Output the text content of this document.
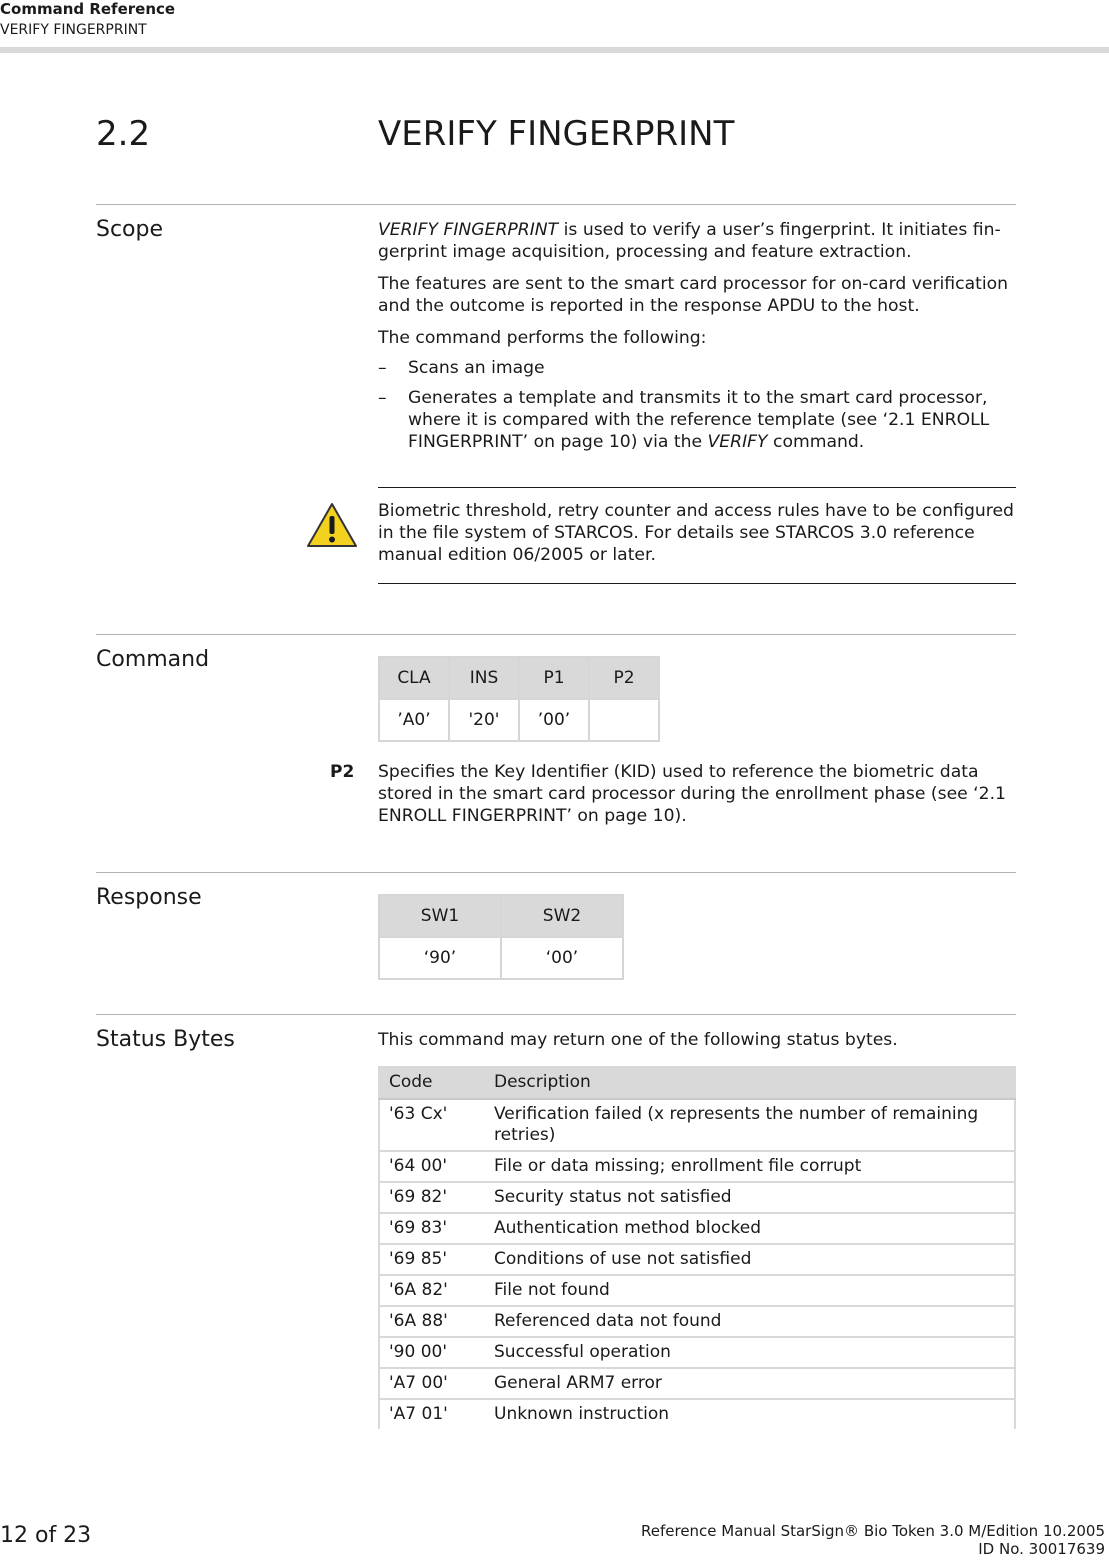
Command Reference
VERIFY FINGERPRINT
2.2	VERIFY FINGERPRINT
Scope	VERIFY FINGERPRINT is used to verify a user’s fingerprint. It initiates fin-gerprint image acquisition, processing and feature extraction.

The features are sent to the smart card processor for on-card verification and the outcome is reported in the response APDU to the host.

The command performs the following:

–	Scans an image
–	Generates a template and transmits it to the smart card processor, where it is compared with the reference template (see ‘2.1 ENROLL FINGERPRINT’ on page 10) via the VERIFY command.
Biometric threshold, retry counter and access rules have to be configured in the file system of STARCOS. For details see STARCOS 3.0 reference manual edition 06/2005 or later.
Command
CLA	INS	P1	P2
’A0’	'20'	’00’	
P2 Specifies the Key Identifier (KID) used to reference the biometric data stored in the smart card processor during the enrollment phase (see ‘2.1 ENROLL FINGERPRINT’ on page 10).
Response
SW1	SW2
‘90’	‘00’
Status Bytes	This command may return one of the following status bytes.
Code	Description
'63 Cx'	Verification failed (x represents the number of remaining retries)
'64 00'	File or data missing; enrollment file corrupt
'69 82'	Security status not satisfied
'69 83'	Authentication method blocked
'69 85'	Conditions of use not satisfied
'6A 82'	File not found
'6A 88'	Referenced data not found
'90 00'	Successful operation
'A7 00'	General ARM7 error
'A7 01'	Unknown instruction
12 of 23	Reference Manual StarSign® Bio Token 3.0 M/Edition 10.2005
ID No. 30017639
